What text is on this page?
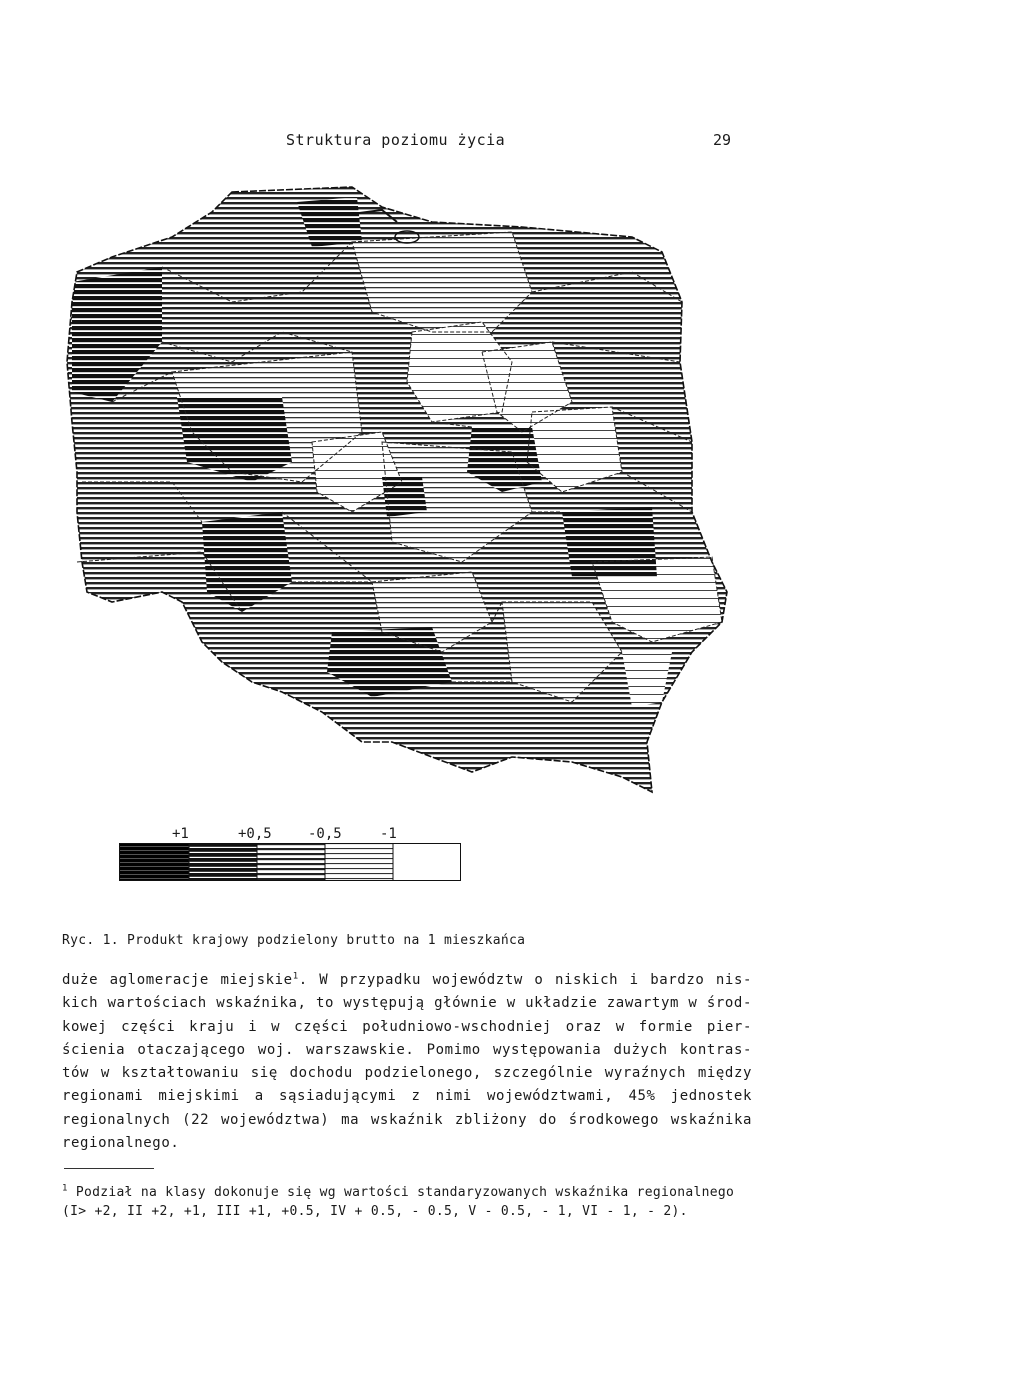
Struktura poziomu życia	29
+1	+0,5	-0,5	-1
Ryc. 1. Produkt krajowy podzielony brutto na 1 mieszkańca

duże aglomeracje miejskie$^1$. W przypadku województw o niskich i bardzo nis-

kich wartościach wskaźnika, to występują głównie w układzie zawartym w środ-

kowej części kraju i w części południowo-wschodniej oraz w formie pier-

ścienia otaczającego woj. warszawskie. Pomimo występowania dużych kontras-

tów w kształtowaniu się dochodu podzielonego, szczególnie wyraźnych między

regionami miejskimi a sąsiadującymi z nimi województwami, 45% jednostek

regionalnych (22 województwa) ma wskaźnik zbliżony do środkowego wskaźnika

regionalnego.

$^1$ Podział na klasy dokonuje się wg wartości standaryzowanych wskaźnika regionalnego

(I> +2, II +2, +1, III +1, +0.5, IV + 0.5, - 0.5, V - 0.5, - 1, VI - 1, - 2).
